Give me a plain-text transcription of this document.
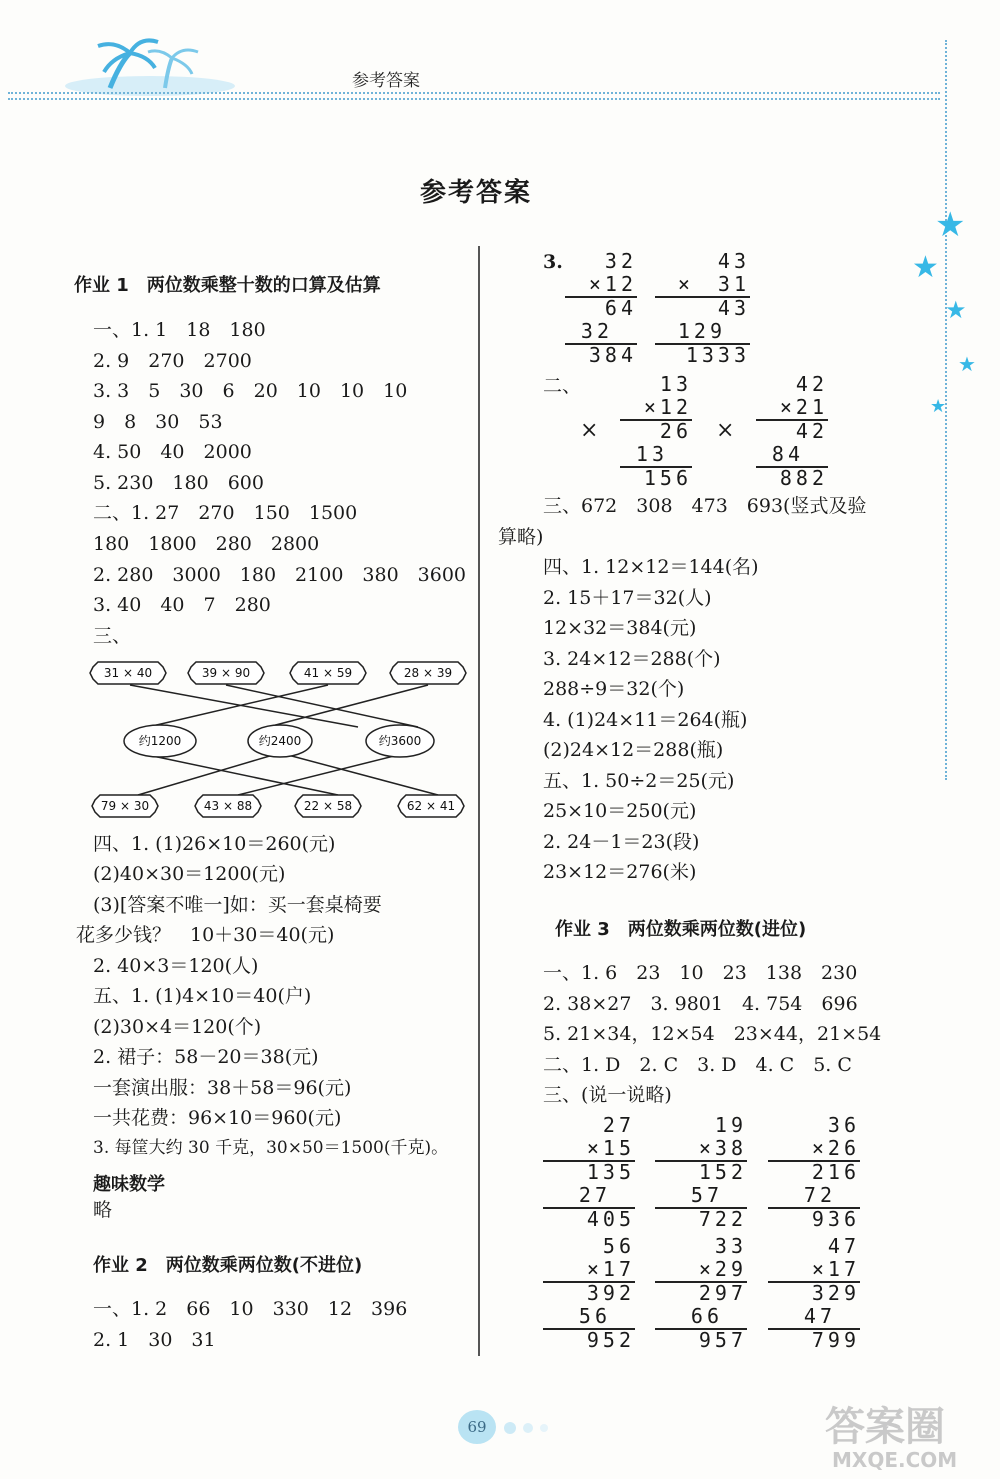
参考答案
★
★
★
★
★
参考答案
作业 1　两位数乘整十数的口算及估算
一、1. 1　18　180
2. 9　270　2700
3. 3　5　30　6　20　10　10　10
9　8　30　53
4. 50　40　2000
5. 230　180　600
二、1. 27　270　150　1500
180　1800　280　2800
2. 280　3000　180　2100　380　3600
3. 40　40　7　280
三、
31 × 40	39 × 90	41 × 59	28 × 39
约1200	约2400	约3600
79 × 30	43 × 88	22 × 58	62 × 41
四、1. (1)26×10＝260(元)
(2)40×30＝1200(元)
(3)[答案不唯一]如：买一套桌椅要
花多少钱？　10＋30＝40(元)
2. 40×3＝120(人)
五、1. (1)4×10＝40(户)
(2)30×4＝120(个)
2. 裙子：58－20＝38(元)
一套演出服：38＋58＝96(元)
一共花费：96×10＝960(元)
3. 每筐大约 30 千克，30×50＝1500(千克)。
趣味数学
略
作业 2　两位数乘两位数(不进位)
一、1. 2　66　10　330　12　396
2. 1　30　31
3. 32
×12
64
32
384
43
×　31
43
129
1333
二、
×	×
13
×12
26
13
156
42
×21
42
84
882
三、672　308　473　693(竖式及验
算略)
四、1. 12×12＝144(名)
2. 15＋17＝32(人)
12×32＝384(元)
3. 24×12＝288(个)
288÷9＝32(个)
4. (1)24×11＝264(瓶)
(2)24×12＝288(瓶)
五、1. 50÷2＝25(元)
25×10＝250(元)
2. 24－1＝23(段)
23×12＝276(米)
作业 3　两位数乘两位数(进位)
一、1. 6　23　10　23　138　230
2. 38×27　3. 9801　4. 754　696
5. 21×34，12×54　23×44，21×54
二、1. D　2. C　3. D　4. C　5. C
三、(说一说略)
27
×15
135
27
405
19
×38
152
57
722
36
×26
216
72
936
56
×17
392
56
952
33
×29
297
66
957
47
×17
329
47
799
69	答案圈
MXQE.COM
